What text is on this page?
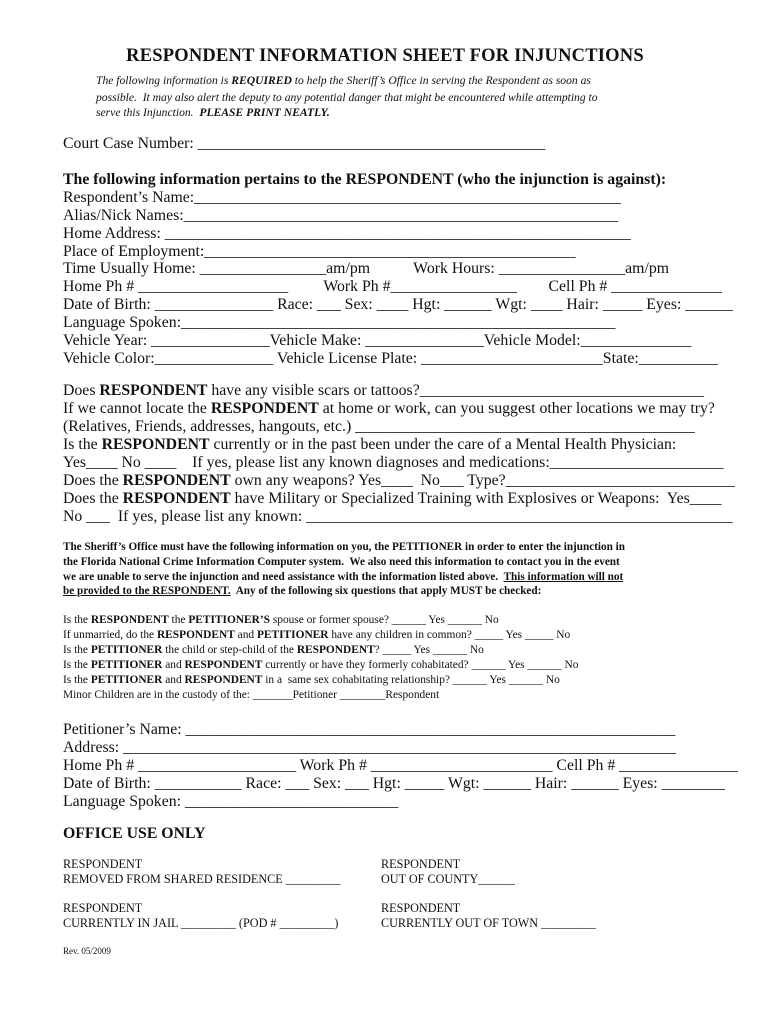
RESPONDENT INFORMATION SHEET FOR INJUNCTIONS
The following information is REQUIRED to help the Sheriff’s Office in serving the Respondent as soon as
possible.  It may also alert the deputy to any potential danger that might be encountered while attempting to
serve this Injunction.  PLEASE PRINT NEATLY.
Court Case Number: ____________________________________________
The following information pertains to the RESPONDENT (who the injunction is against):
Respondent’s Name:______________________________________________________
Alias/Nick Names:_______________________________________________________
Home Address: ___________________________________________________________
Place of Employment:_______________________________________________
Time Usually Home: ________________am/pm           Work Hours: ________________am/pm
Home Ph # ___________________         Work Ph #________________        Cell Ph # ______________
Date of Birth: _______________ Race: ___ Sex: ____ Hgt: ______ Wgt: ____ Hair: _____ Eyes: ______
Language Spoken:_______________________________________________________
Vehicle Year: _______________Vehicle Make: _______________Vehicle Model:______________
Vehicle Color:_______________ Vehicle License Plate: _______________________State:__________
Does RESPONDENT have any visible scars or tattoos?____________________________________
If we cannot locate the RESPONDENT at home or work, can you suggest other locations we may try?
(Relatives, Friends, addresses, hangouts, etc.) ___________________________________________
Is the RESPONDENT currently or in the past been under the care of a Mental Health Physician:
Yes____ No ____    If yes, please list any known diagnoses and medications:______________________
Does the RESPONDENT own any weapons? Yes____  No___ Type?_____________________________
Does the RESPONDENT have Military or Specialized Training with Explosives or Weapons:  Yes____
No ___  If yes, please list any known: ______________________________________________________
The Sheriff’s Office must have the following information on you, the PETITIONER in order to enter the injunction in
the Florida National Crime Information Computer system.  We also need this information to contact you in the event
we are unable to serve the injunction and need assistance with the information listed above.  This information will not
be provided to the RESPONDENT.  Any of the following six questions that apply MUST be checked:
Is the RESPONDENT the PETITIONER’S spouse or former spouse? ______ Yes ______ No
If unmarried, do the RESPONDENT and PETITIONER have any children in common? _____ Yes _____ No
Is the PETITIONER the child or step-child of the RESPONDENT? _____ Yes ______ No
Is the PETITIONER and RESPONDENT currently or have they formerly cohabitated? ______ Yes ______ No
Is the PETITIONER and RESPONDENT in a  same sex cohabitating relationship? ______ Yes ______ No
Minor Children are in the custody of the: _______Petitioner ________Respondent
Petitioner’s Name: ______________________________________________________________
Address: ______________________________________________________________________
Home Ph # ____________________ Work Ph # _______________________ Cell Ph # _______________
Date of Birth: ___________ Race: ___ Sex: ___ Hgt: _____ Wgt: ______ Hair: ______ Eyes: ________
Language Spoken: ___________________________
OFFICE USE ONLY
RESPONDENT
REMOVED FROM SHARED RESIDENCE _________
RESPONDENT
OUT OF COUNTY______
RESPONDENT
CURRENTLY IN JAIL _________ (POD # _________)
RESPONDENT
CURRENTLY OUT OF TOWN _________
Rev. 05/2009
